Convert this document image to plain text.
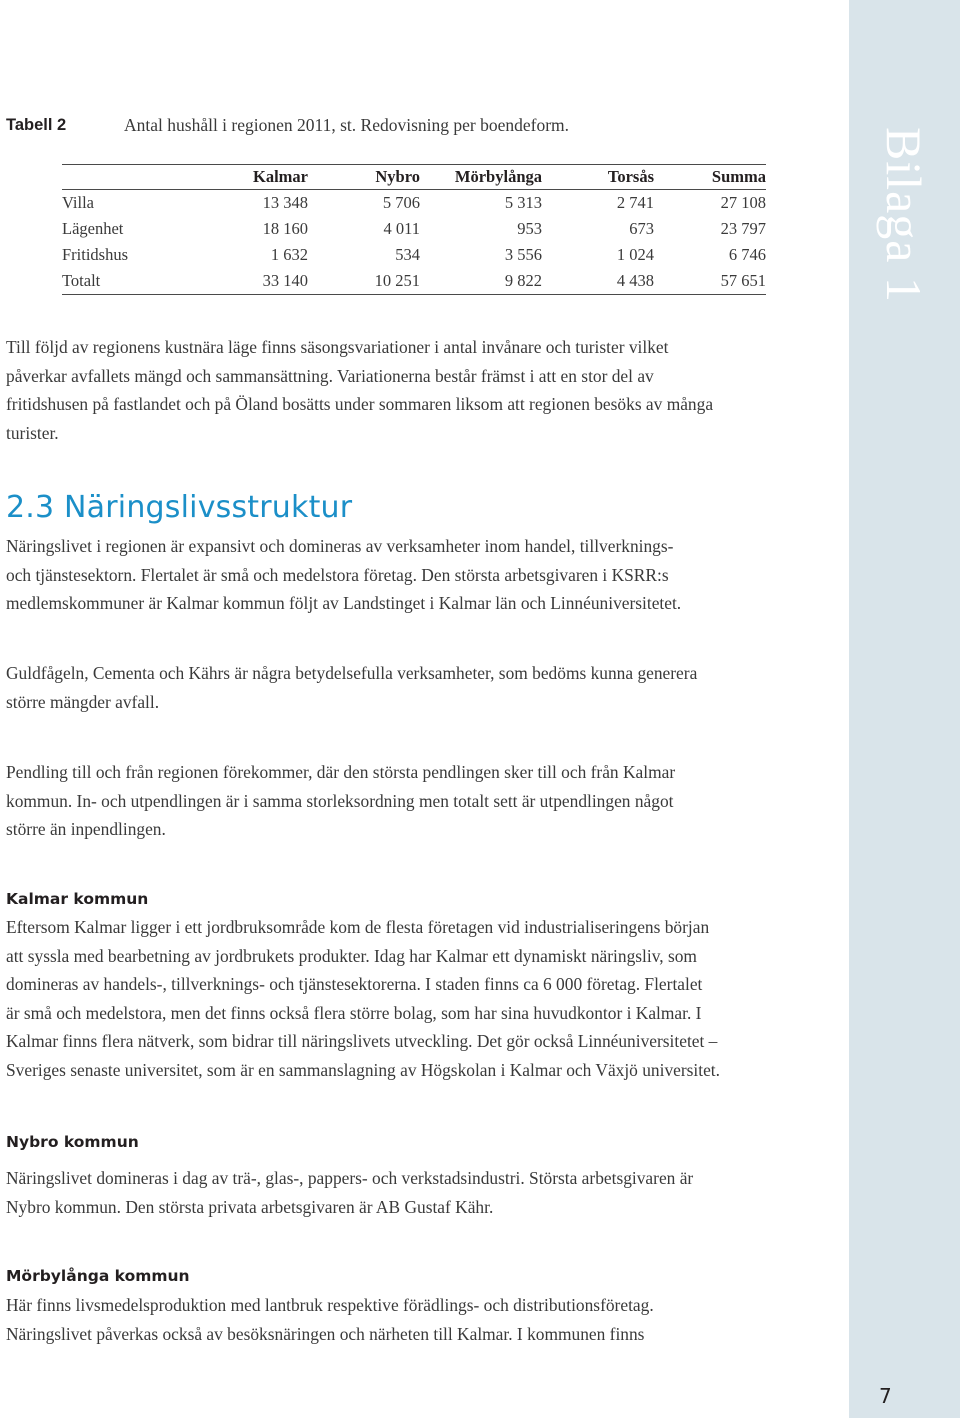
Bilaga 1
Tabell 2	Antal hushåll i regionen 2011, st. Redovisning per boendeform.
	Kalmar	Nybro	Mörbylånga	Torsås	Summa
Villa	13 348	5 706	5 313	2 741	27 108
Lägenhet	18 160	4 011	953	673	23 797
Fritidshus	1 632	534	3 556	1 024	6 746
Totalt	33 140	10 251	9 822	4 438	57 651

Till följd av regionens kustnära läge finns säsongsvariationer i antal invånare och turister vilket
påverkar avfallets mängd och sammansättning. Variationerna består främst i att en stor del av
fritidshusen på fastlandet och på Öland bosätts under sommaren liksom att regionen besöks av många
turister.

2.3 Näringslivsstruktur

Näringslivet i regionen är expansivt och domineras av verksamheter inom handel, tillverknings-
och tjänstesektorn. Flertalet är små och medelstora företag. Den största arbetsgivaren i KSRR:s
medlemskommuner är Kalmar kommun följt av Landstinget i Kalmar län och Linnéuniversitetet.

Guldfågeln, Cementa och Kährs är några betydelsefulla verksamheter, som bedöms kunna generera
större mängder avfall.

Pendling till och från regionen förekommer, där den största pendlingen sker till och från Kalmar
kommun. In- och utpendlingen är i samma storleksordning men totalt sett är utpendlingen något
större än inpendlingen.

Kalmar kommun

Eftersom Kalmar ligger i ett jordbruksområde kom de flesta företagen vid industrialiseringens början
att syssla med bearbetning av jordbrukets produkter. Idag har Kalmar ett dynamiskt näringsliv, som
domineras av handels-, tillverknings- och tjänstesektorerna. I staden finns ca 6 000 företag. Flertalet
är små och medelstora, men det finns också flera större bolag, som har sina huvudkontor i Kalmar. I
Kalmar finns flera nätverk, som bidrar till näringslivets utveckling. Det gör också Linnéuniversitetet –
Sveriges senaste universitet, som är en sammanslagning av Högskolan i Kalmar och Växjö universitet.

Nybro kommun

Näringslivet domineras i dag av trä-, glas-, pappers- och verkstadsindustri. Största arbetsgivaren är
Nybro kommun. Den största privata arbetsgivaren är AB Gustaf Kähr.

Mörbylånga kommun

Här finns livsmedelsproduktion med lantbruk respektive förädlings- och distributionsföretag.
Näringslivet påverkas också av besöksnäringen och närheten till Kalmar. I kommunen finns

7
